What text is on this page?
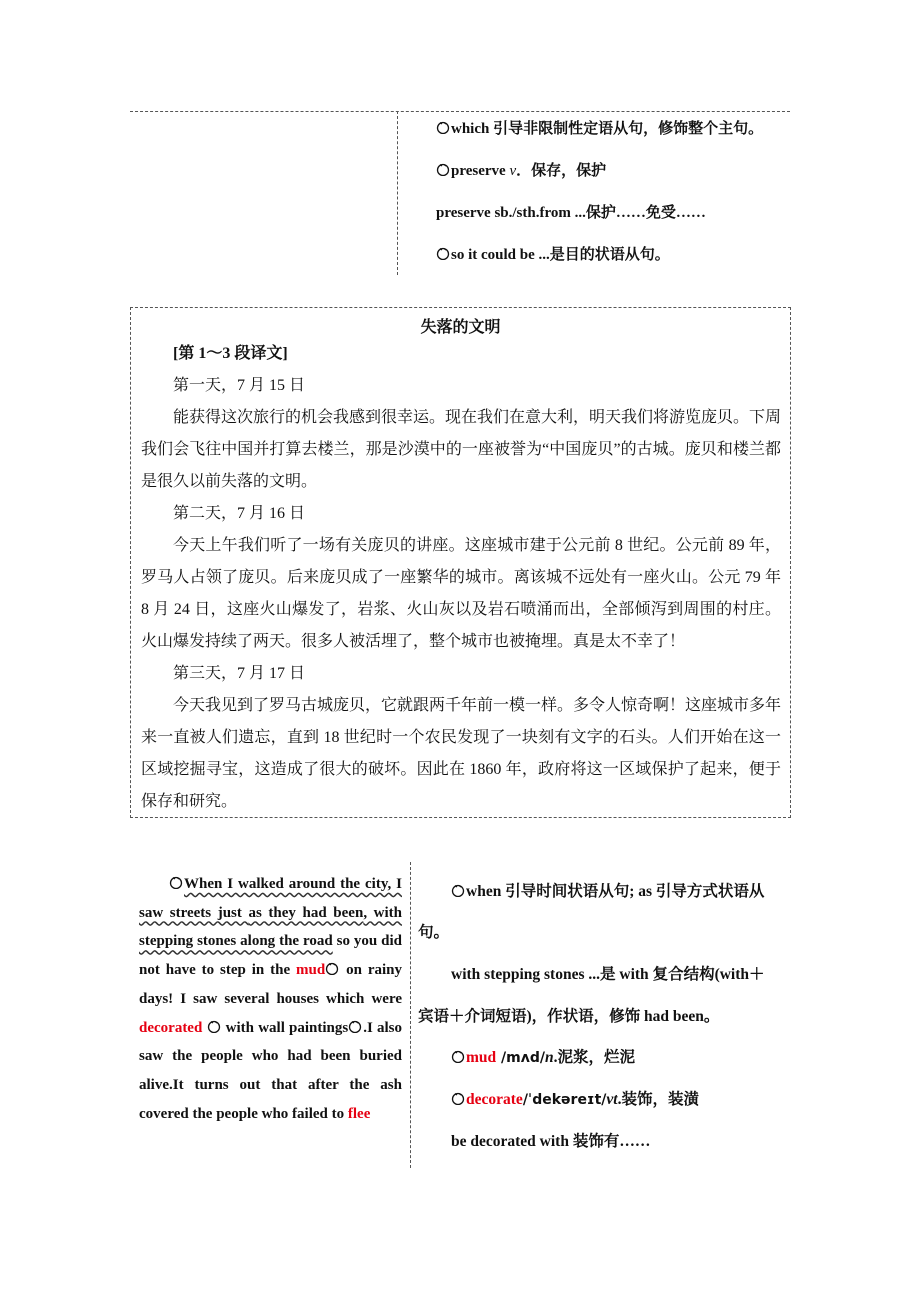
which 引导非限制性定语从句，修饰整个主句。
preserve v．保存，保护
preserve sb./sth.from ...保护……免受……
so it could be ...是目的状语从句。
失落的文明

[第 1～3 段译文]

第一天，7 月 15 日

能获得这次旅行的机会我感到很幸运。现在我们在意大利，明天我们将游览庞贝。下周我们会飞往中国并打算去楼兰，那是沙漠中的一座被誉为“中国庞贝”的古城。庞贝和楼兰都是很久以前失落的文明。

第二天，7 月 16 日

今天上午我们听了一场有关庞贝的讲座。这座城市建于公元前 8 世纪。公元前 89 年，罗马人占领了庞贝。后来庞贝成了一座繁华的城市。离该城不远处有一座火山。公元 79 年 8 月 24 日，这座火山爆发了，岩浆、火山灰以及岩石喷涌而出，全部倾泻到周围的村庄。火山爆发持续了两天。很多人被活埋了，整个城市也被掩埋。真是太不幸了！

第三天，7 月 17 日

今天我见到了罗马古城庞贝，它就跟两千年前一模一样。多令人惊奇啊！这座城市多年来一直被人们遗忘，直到 18 世纪时一个农民发现了一块刻有文字的石头。人们开始在这一区域挖掘寻宝，这造成了很大的破坏。因此在 1860 年，政府将这一区域保护了起来，便于保存和研究。

When I walked around the city, I saw streets just as they had been, with stepping stones along the road so you did not have to step in the mud
on rainy days! I saw several houses which were decorated
with wall paintings .I also saw the people who had been buried alive.It turns out that after the ash covered the people who failed to flee
when 引导时间状语从句; as 引导方式状语从
句。
with stepping stones ...是 with 复合结构(with＋
宾语＋介词短语)，作状语，修饰 had been。
mud /mʌd/n.泥浆，烂泥
decorate/ˈdekəreɪt/vt.装饰，装潢
be decorated with 装饰有……
